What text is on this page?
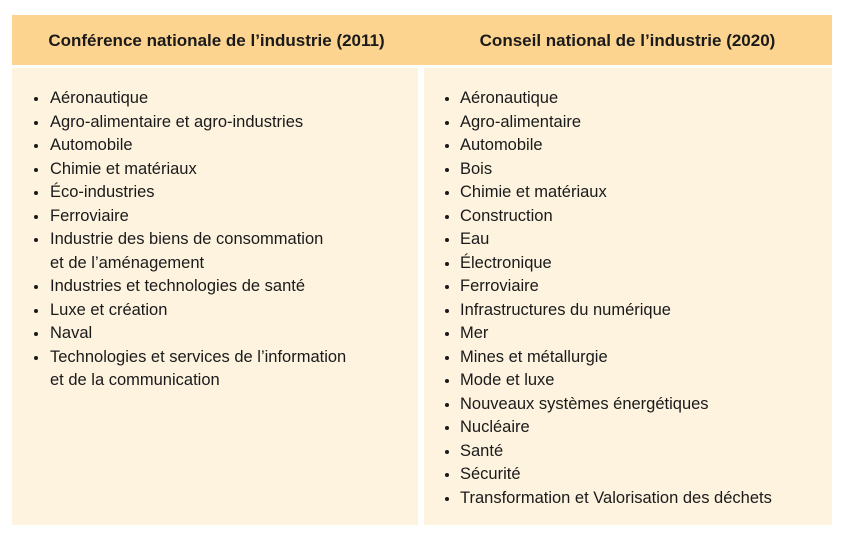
Conférence nationale de l’industrie (2011)	Conseil national de l’industrie (2020)
Aéronautique
Agro-alimentaire et agro-industries
Automobile
Chimie et matériaux
Éco-industries
Ferroviaire
Industrie des biens de consommation
et de l’aménagement
Industries et technologies de santé
Luxe et création
Naval
Technologies et services de l’information
et de la communication
Aéronautique
Agro-alimentaire
Automobile
Bois
Chimie et matériaux
Construction
Eau
Électronique
Ferroviaire
Infrastructures du numérique
Mer
Mines et métallurgie
Mode et luxe
Nouveaux systèmes énergétiques
Nucléaire
Santé
Sécurité
Transformation et Valorisation des déchets
